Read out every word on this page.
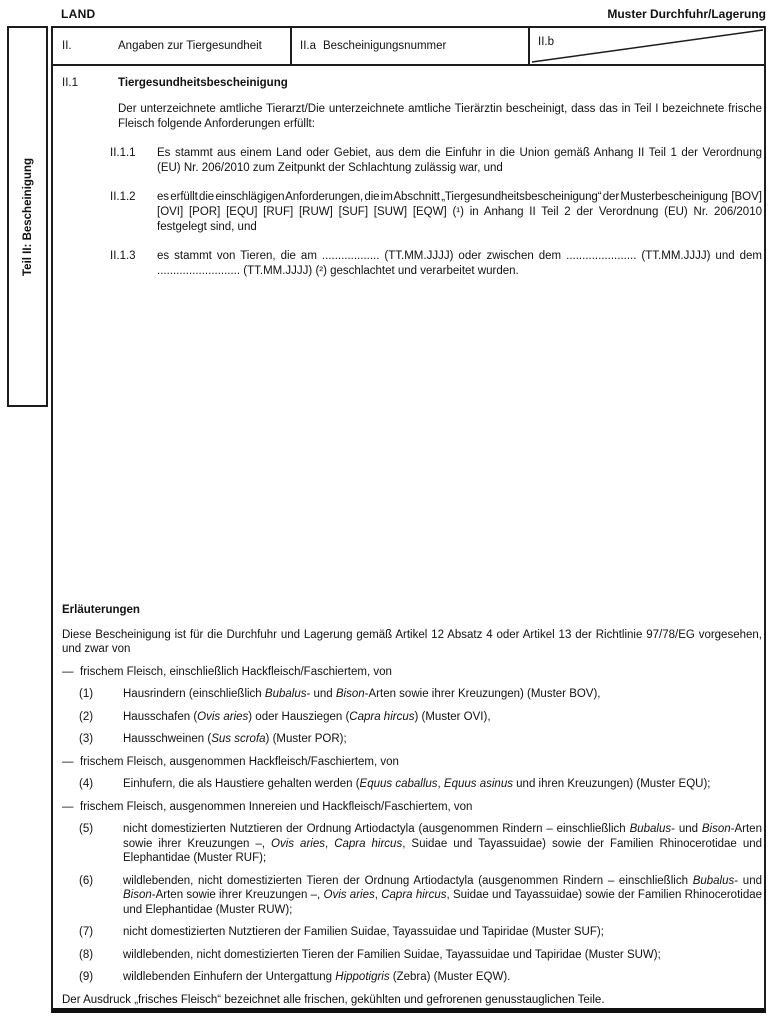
LAND	Muster Durchfuhr/Lagerung
Teil II: Bescheinigung
II.	Angaben zur Tiergesundheit	II.a Bescheinigungsnummer	II.b
II.1	Tiergesundheitsbescheinigung
Der unterzeichnete amtliche Tierarzt/Die unterzeichnete amtliche Tierärztin bescheinigt, dass das in Teil I bezeichnete frische Fleisch folgende Anforderungen erfüllt:
II.1.1	Es stammt aus einem Land oder Gebiet, aus dem die Einfuhr in die Union gemäß Anhang II Teil 1 der Verordnung (EU) Nr. 206/2010 zum Zeitpunkt der Schlachtung zulässig war, und
II.1.2	es erfüllt die einschlägigen Anforderungen, die im Abschnitt „Tiergesundheitsbescheinigung“ der Musterbescheinigung [BOV] [OVI] [POR] [EQU] [RUF] [RUW] [SUF] [SUW] [EQW] (¹) in Anhang II Teil 2 der Verordnung (EU) Nr. 206/2010 festgelegt sind, und
II.1.3	es stammt von Tieren, die am .................. (TT.MM.JJJJ) oder zwischen dem ...................... (TT.MM.JJJJ) und dem .......................... (TT.MM.JJJJ) (²) geschlachtet und verarbeitet wurden.
Erläuterungen
Diese Bescheinigung ist für die Durchfuhr und Lagerung gemäß Artikel 12 Absatz 4 oder Artikel 13 der Richtlinie 97/78/EG vorgesehen, und zwar von
— frischem Fleisch, einschließlich Hackfleisch/Faschiertem, von
(1)	Hausrindern (einschließlich Bubalus- und Bison-Arten sowie ihrer Kreuzungen) (Muster BOV),
(2)	Hausschafen (Ovis aries) oder Hausziegen (Capra hircus) (Muster OVI),
(3)	Hausschweinen (Sus scrofa) (Muster POR);
— frischem Fleisch, ausgenommen Hackfleisch/Faschiertem, von
(4)	Einhufern, die als Haustiere gehalten werden (Equus caballus, Equus asinus und ihren Kreuzungen) (Muster EQU);
— frischem Fleisch, ausgenommen Innereien und Hackfleisch/Faschiertem, von
(5)	nicht domestizierten Nutztieren der Ordnung Artiodactyla (ausgenommen Rindern – einschließlich Bubalus- und Bison-Arten sowie ihrer Kreuzungen –, Ovis aries, Capra hircus, Suidae und Tayassuidae) sowie der Familien Rhinocerotidae und Elephantidae (Muster RUF);
(6)	wildlebenden, nicht domestizierten Tieren der Ordnung Artiodactyla (ausgenommen Rindern – einschließlich Bubalus- und Bison-Arten sowie ihrer Kreuzungen –, Ovis aries, Capra hircus, Suidae und Tayassuidae) sowie der Familien Rhinocerotidae und Elephantidae (Muster RUW);
(7)	nicht domestizierten Nutztieren der Familien Suidae, Tayassuidae und Tapiridae (Muster SUF);
(8)	wildlebenden, nicht domestizierten Tieren der Familien Suidae, Tayassuidae und Tapiridae (Muster SUW);
(9)	wildlebenden Einhufern der Untergattung Hippotigris (Zebra) (Muster EQW).
Der Ausdruck „frisches Fleisch“ bezeichnet alle frischen, gekühlten und gefrorenen genusstauglichen Teile.
